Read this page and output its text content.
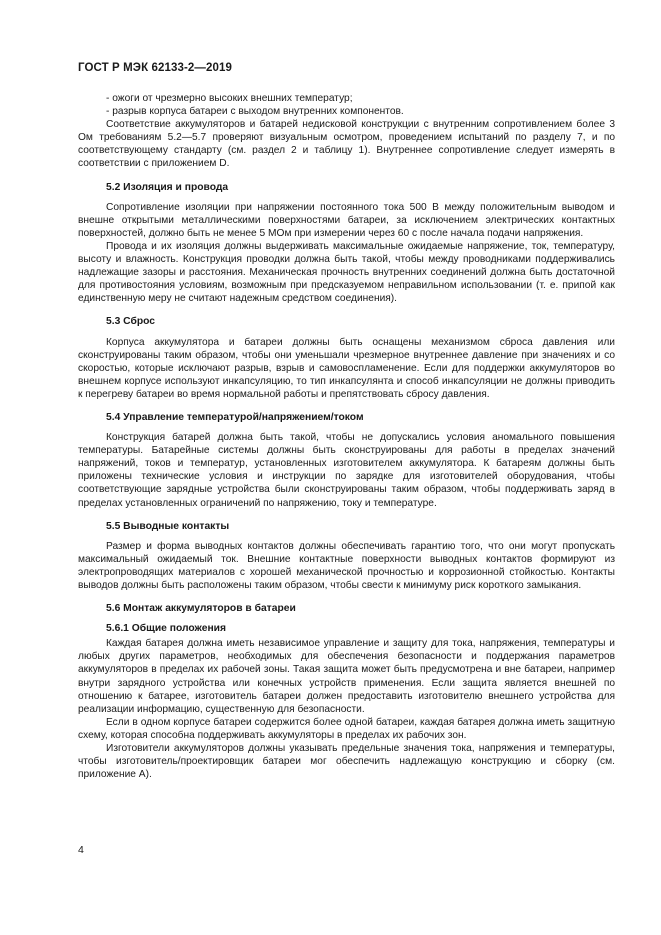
ГОСТ Р МЭК 62133-2—2019

- ожоги от чрезмерно высоких внешних температур;

- разрыв корпуса батареи с выходом внутренних компонентов.

Соответствие аккумуляторов и батарей недисковой конструкции с внутренним сопротивлением более 3 Ом требованиям 5.2—5.7 проверяют визуальным осмотром, проведением испытаний по разделу 7, и по соответствующему стандарту (см. раздел 2 и таблицу 1). Внутреннее сопротивление следует измерять в соответствии с приложением D.

5.2 Изоляция и провода

Сопротивление изоляции при напряжении постоянного тока 500 В между положительным выводом и внешне открытыми металлическими поверхностями батареи, за исключением электрических контактных поверхностей, должно быть не менее 5 МОм при измерении через 60 с после начала подачи напряжения.

Провода и их изоляция должны выдерживать максимальные ожидаемые напряжение, ток, температуру, высоту и влажность. Конструкция проводки должна быть такой, чтобы между проводниками поддерживались надлежащие зазоры и расстояния. Механическая прочность внутренних соединений должна быть достаточной для противостояния условиям, возможным при предсказуемом неправильном использовании (т. е. припой как единственную меру не считают надежным средством соединения).

5.3 Сброс

Корпуса аккумулятора и батареи должны быть оснащены механизмом сброса давления или сконструированы таким образом, чтобы они уменьшали чрезмерное внутреннее давление при значениях и со скоростью, которые исключают разрыв, взрыв и самовоспламенение. Если для поддержки аккумуляторов во внешнем корпусе используют инкапсуляцию, то тип инкапсулянта и способ инкапсуляции не должны приводить к перегреву батареи во время нормальной работы и препятствовать сбросу давления.

5.4 Управление температурой/напряжением/током

Конструкция батарей должна быть такой, чтобы не допускались условия аномального повышения температуры. Батарейные системы должны быть сконструированы для работы в пределах значений напряжений, токов и температур, установленных изготовителем аккумулятора. К батареям должны быть приложены технические условия и инструкции по зарядке для изготовителей оборудования, чтобы соответствующие зарядные устройства были сконструированы таким образом, чтобы поддерживать заряд в пределах установленных ограничений по напряжению, току и температуре.

5.5 Выводные контакты

Размер и форма выводных контактов должны обеспечивать гарантию того, что они могут пропускать максимальный ожидаемый ток. Внешние контактные поверхности выводных контактов формируют из электропроводящих материалов с хорошей механической прочностью и коррозионной стойкостью. Контакты выводов должны быть расположены таким образом, чтобы свести к минимуму риск короткого замыкания.

5.6 Монтаж аккумуляторов в батареи

5.6.1 Общие положения

Каждая батарея должна иметь независимое управление и защиту для тока, напряжения, температуры и любых других параметров, необходимых для обеспечения безопасности и поддержания параметров аккумуляторов в пределах их рабочей зоны. Такая защита может быть предусмотрена и вне батареи, например внутри зарядного устройства или конечных устройств применения. Если защита является внешней по отношению к батарее, изготовитель батареи должен предоставить изготовителю внешнего устройства для реализации информацию, существенную для безопасности.

Если в одном корпусе батареи содержится более одной батареи, каждая батарея должна иметь защитную схему, которая способна поддерживать аккумуляторы в пределах их рабочих зон.

Изготовители аккумуляторов должны указывать предельные значения тока, напряжения и температуры, чтобы изготовитель/проектировщик батареи мог обеспечить надлежащую конструкцию и сборку (см. приложение А).

4
